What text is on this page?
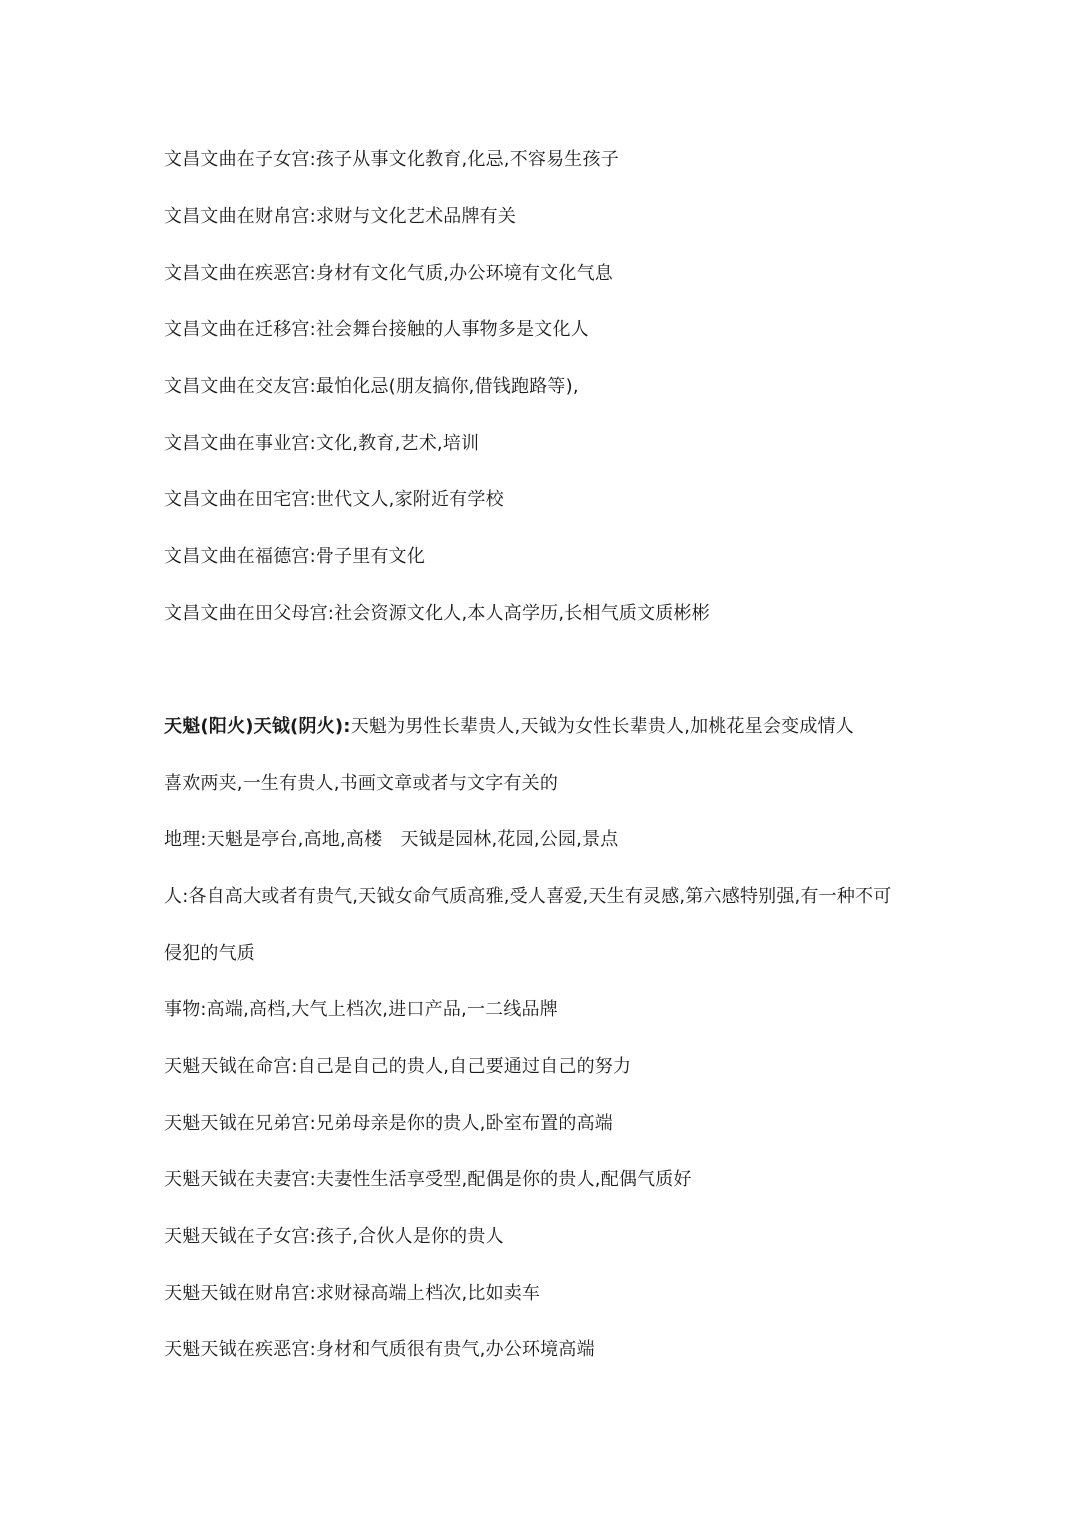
文昌文曲在子女宫:孩子从事文化教育,化忌,不容易生孩子
文昌文曲在财帛宫:求财与文化艺术品牌有关
文昌文曲在疾恶宫:身材有文化气质,办公环境有文化气息
文昌文曲在迁移宫:社会舞台接触的人事物多是文化人
文昌文曲在交友宫:最怕化忌(朋友搞你,借钱跑路等),
文昌文曲在事业宫:文化,教育,艺术,培训
文昌文曲在田宅宫:世代文人,家附近有学校
文昌文曲在福德宫:骨子里有文化
文昌文曲在田父母宫:社会资源文化人,本人高学历,长相气质文质彬彬
天魁(阳火)天钺(阴火):天魁为男性长辈贵人,天钺为女性长辈贵人,加桃花星会变成情人
喜欢两夹,一生有贵人,书画文章或者与文字有关的
地理:天魁是亭台,高地,高楼　天钺是园林,花园,公园,景点
人:各自高大或者有贵气,天钺女命气质高雅,受人喜爱,天生有灵感,第六感特别强,有一种不可
侵犯的气质
事物:高端,高档,大气上档次,进口产品,一二线品牌
天魁天钺在命宫:自己是自己的贵人,自己要通过自己的努力
天魁天钺在兄弟宫:兄弟母亲是你的贵人,卧室布置的高端
天魁天钺在夫妻宫:夫妻性生活享受型,配偶是你的贵人,配偶气质好
天魁天钺在子女宫:孩子,合伙人是你的贵人
天魁天钺在财帛宫:求财禄高端上档次,比如卖车
天魁天钺在疾恶宫:身材和气质很有贵气,办公环境高端
